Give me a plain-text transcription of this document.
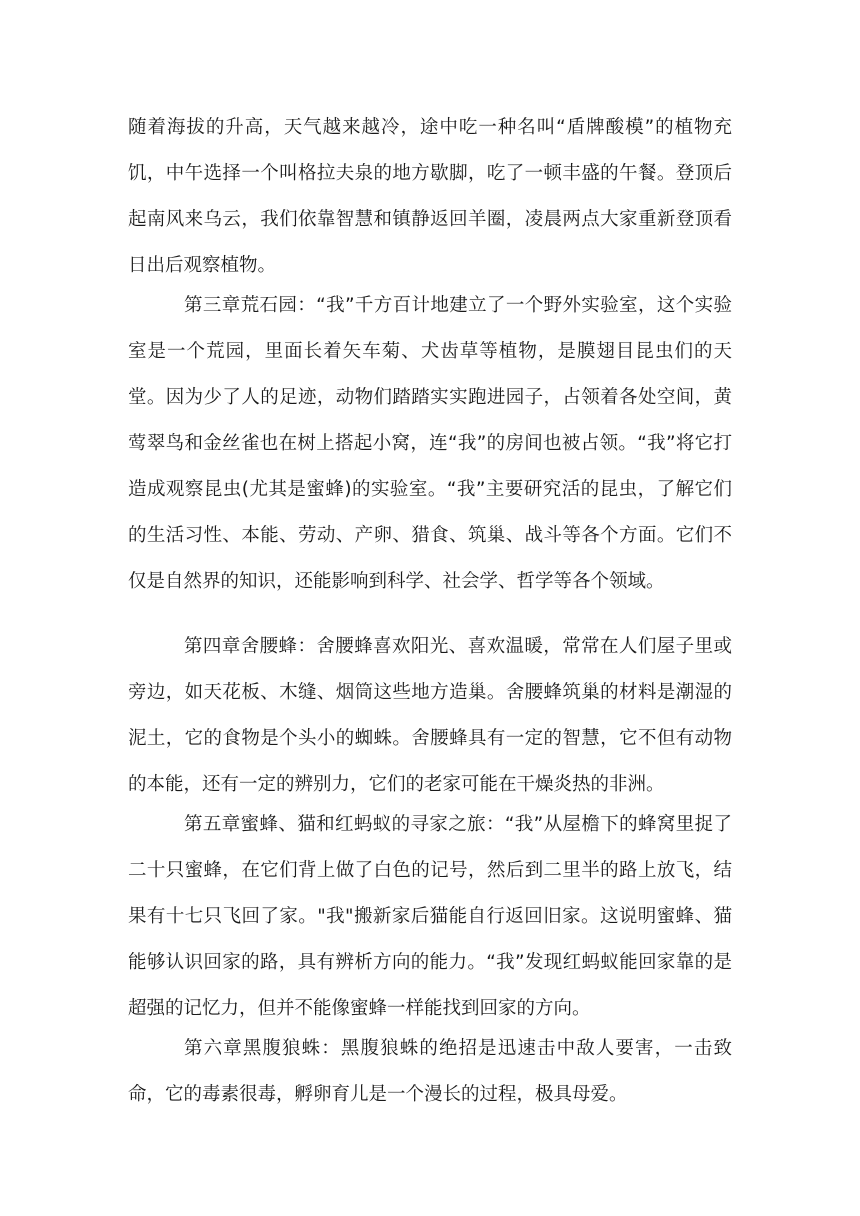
随着海拔的升高，天气越来越冷，途中吃一种名叫“盾牌酸模”的植物充饥，中午选择一个叫格拉夫泉的地方歇脚，吃了一顿丰盛的午餐。登顶后起南风来乌云，我们依靠智慧和镇静返回羊圈，凌晨两点大家重新登顶看日出后观察植物。

第三章荒石园：“我”千方百计地建立了一个野外实验室，这个实验室是一个荒园，里面长着矢车菊、犬齿草等植物，是膜翅目昆虫们的天堂。因为少了人的足迹，动物们踏踏实实跑进园子，占领着各处空间，黄莺翠鸟和金丝雀也在树上搭起小窝，连“我”的房间也被占领。“我”将它打造成观察昆虫(尤其是蜜蜂)的实验室。“我”主要研究活的昆虫，了解它们的生活习性、本能、劳动、产卵、猎食、筑巢、战斗等各个方面。它们不仅是自然界的知识，还能影响到科学、社会学、哲学等各个领域。

第四章舍腰蜂：舍腰蜂喜欢阳光、喜欢温暖，常常在人们屋子里或旁边，如天花板、木缝、烟筒这些地方造巢。舍腰蜂筑巢的材料是潮湿的泥土，它的食物是个头小的蜘蛛。舍腰蜂具有一定的智慧，它不但有动物的本能，还有一定的辨别力，它们的老家可能在干燥炎热的非洲。

第五章蜜蜂、猫和红蚂蚁的寻家之旅：“我”从屋檐下的蜂窝里捉了二十只蜜蜂，在它们背上做了白色的记号，然后到二里半的路上放飞，结果有十七只飞回了家。"我"搬新家后猫能自行返回旧家。这说明蜜蜂、猫能够认识回家的路，具有辨析方向的能力。“我”发现红蚂蚁能回家靠的是超强的记忆力，但并不能像蜜蜂一样能找到回家的方向。

第六章黑腹狼蛛：黑腹狼蛛的绝招是迅速击中敌人要害，一击致命，它的毒素很毒，孵卵育儿是一个漫长的过程，极具母爱。
